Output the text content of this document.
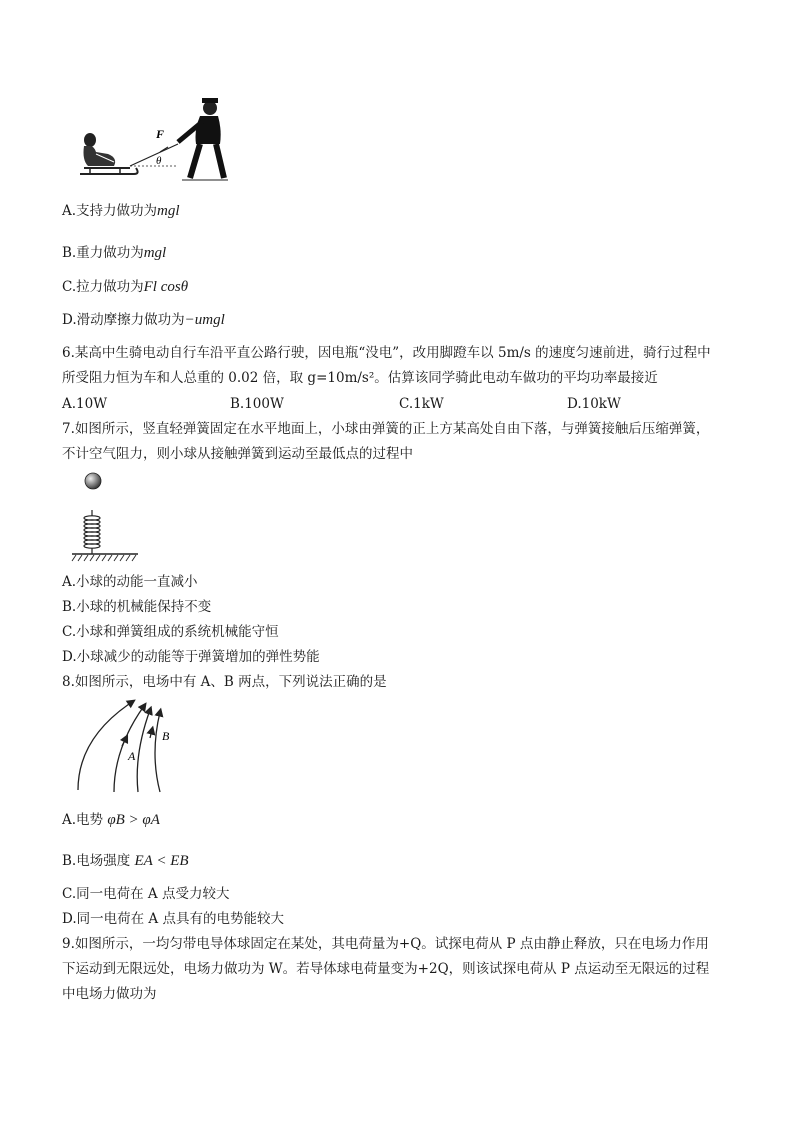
F
θ
A.支持力做功为mgl
B.重力做功为mgl
C.拉力做功为Fl cosθ
D.滑动摩擦力做功为−umgl
6.某高中生骑电动自行车沿平直公路行驶，因电瓶“没电”，改用脚蹬车以 5m/s 的速度匀速前进，骑行过程中
所受阻力恒为车和人总重的 0.02 倍，取 g=10m/s²。估算该同学骑此电动车做功的平均功率最接近
A.10W	B.100W	C.1kW	D.10kW
7.如图所示，竖直轻弹簧固定在水平地面上，小球由弹簧的正上方某高处自由下落，与弹簧接触后压缩弹簧，
不计空气阻力，则小球从接触弹簧到运动至最低点的过程中
A.小球的动能一直减小
B.小球的机械能保持不变
C.小球和弹簧组成的系统机械能守恒
D.小球减少的动能等于弹簧增加的弹性势能
8.如图所示，电场中有 A、B 两点，下列说法正确的是
A
B
A.电势 φB > φA
B.电场强度 EA < EB
C.同一电荷在 A 点受力较大
D.同一电荷在 A 点具有的电势能较大
9.如图所示，一均匀带电导体球固定在某处，其电荷量为+Q。试探电荷从 P 点由静止释放，只在电场力作用
下运动到无限远处，电场力做功为 W。若导体球电荷量变为+2Q，则该试探电荷从 P 点运动至无限远的过程
中电场力做功为
